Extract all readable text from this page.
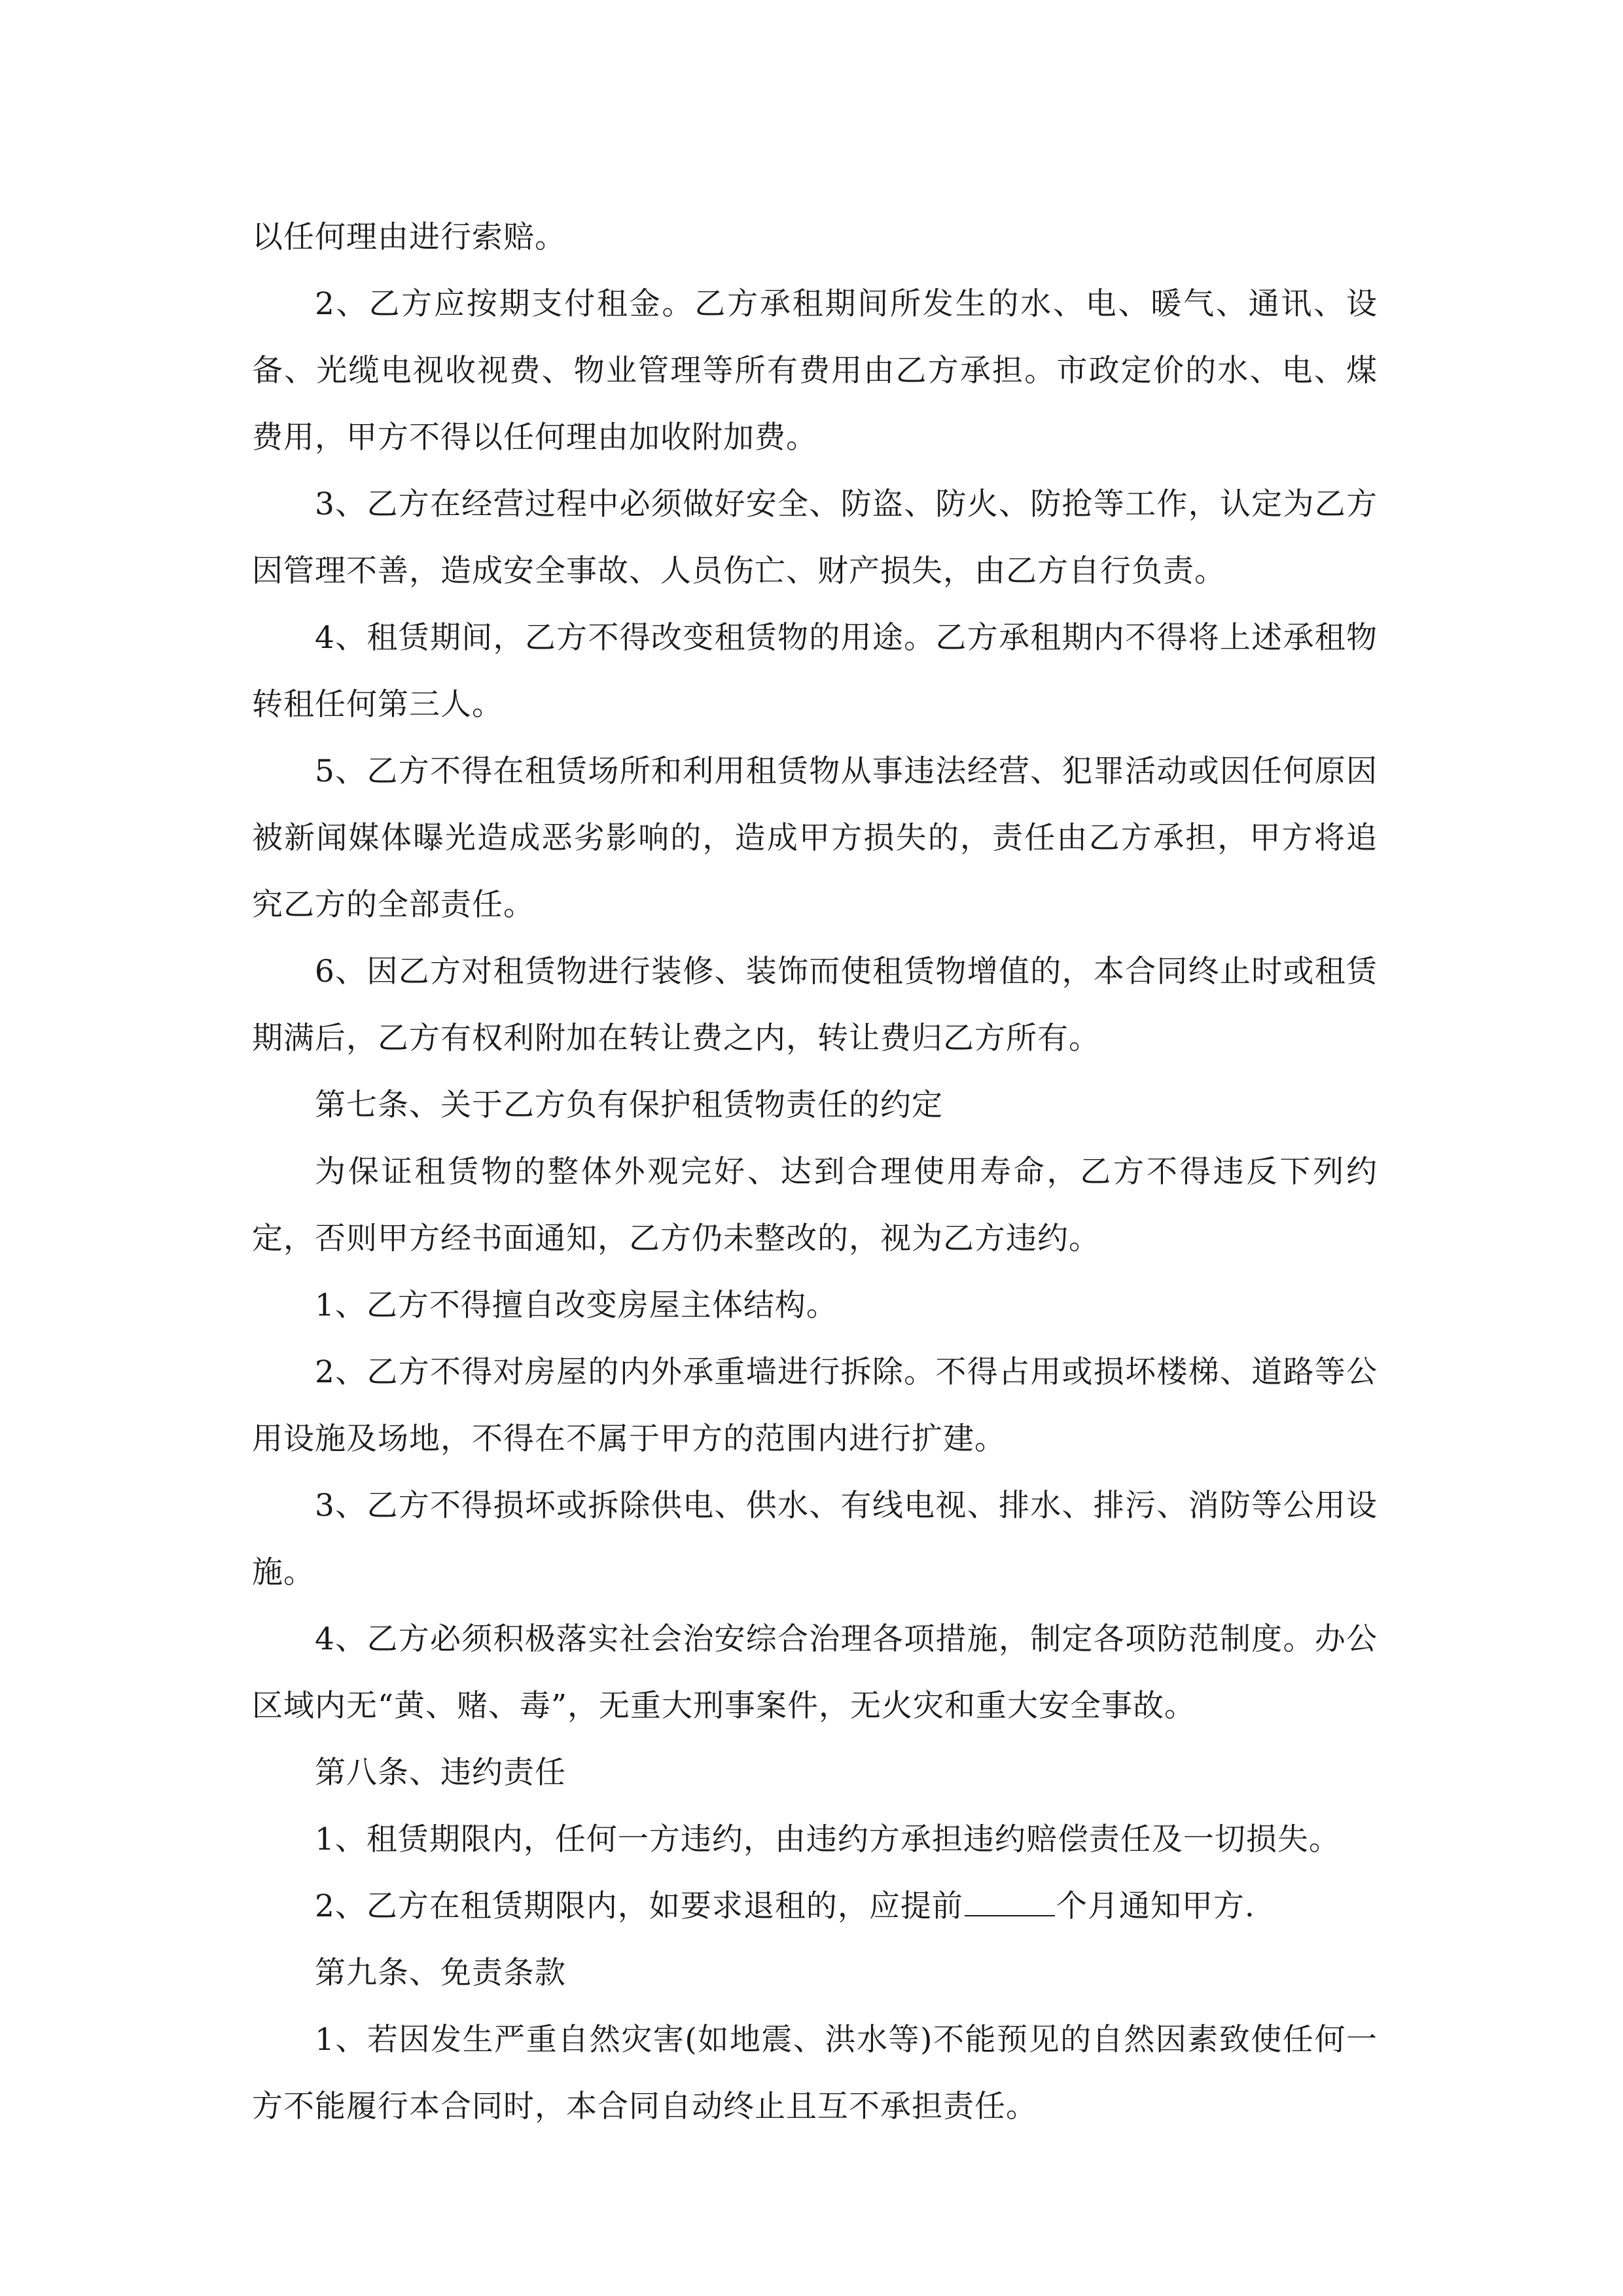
以任何理由进行索赔。

2、乙方应按期支付租金。乙方承租期间所发生的水、电、暖气、通讯、设备、光缆电视收视费、物业管理等所有费用由乙方承担。市政定价的水、电、煤费用，甲方不得以任何理由加收附加费。

3、乙方在经营过程中必须做好安全、防盗、防火、防抢等工作，认定为乙方因管理不善，造成安全事故、人员伤亡、财产损失，由乙方自行负责。

4、租赁期间，乙方不得改变租赁物的用途。乙方承租期内不得将上述承租物转租任何第三人。

5、乙方不得在租赁场所和利用租赁物从事违法经营、犯罪活动或因任何原因被新闻媒体曝光造成恶劣影响的，造成甲方损失的，责任由乙方承担，甲方将追究乙方的全部责任。

6、因乙方对租赁物进行装修、装饰而使租赁物增值的，本合同终止时或租赁期满后，乙方有权利附加在转让费之内，转让费归乙方所有。

第七条、关于乙方负有保护租赁物责任的约定

为保证租赁物的整体外观完好、达到合理使用寿命，乙方不得违反下列约定，否则甲方经书面通知，乙方仍未整改的，视为乙方违约。

1、乙方不得擅自改变房屋主体结构。

2、乙方不得对房屋的内外承重墙进行拆除。不得占用或损坏楼梯、道路等公用设施及场地，不得在不属于甲方的范围内进行扩建。

3、乙方不得损坏或拆除供电、供水、有线电视、排水、排污、消防等公用设施。

4、乙方必须积极落实社会治安综合治理各项措施，制定各项防范制度。办公区域内无“黄、赌、毒”，无重大刑事案件，无火灾和重大安全事故。

第八条、违约责任

1、租赁期限内，任何一方违约，由违约方承担违约赔偿责任及一切损失。

2、乙方在租赁期限内，如要求退租的，应提前	个月通知甲方.

第九条、免责条款

1、若因发生严重自然灾害(如地震、洪水等)不能预见的自然因素致使任何一方不能履行本合同时，本合同自动终止且互不承担责任。
